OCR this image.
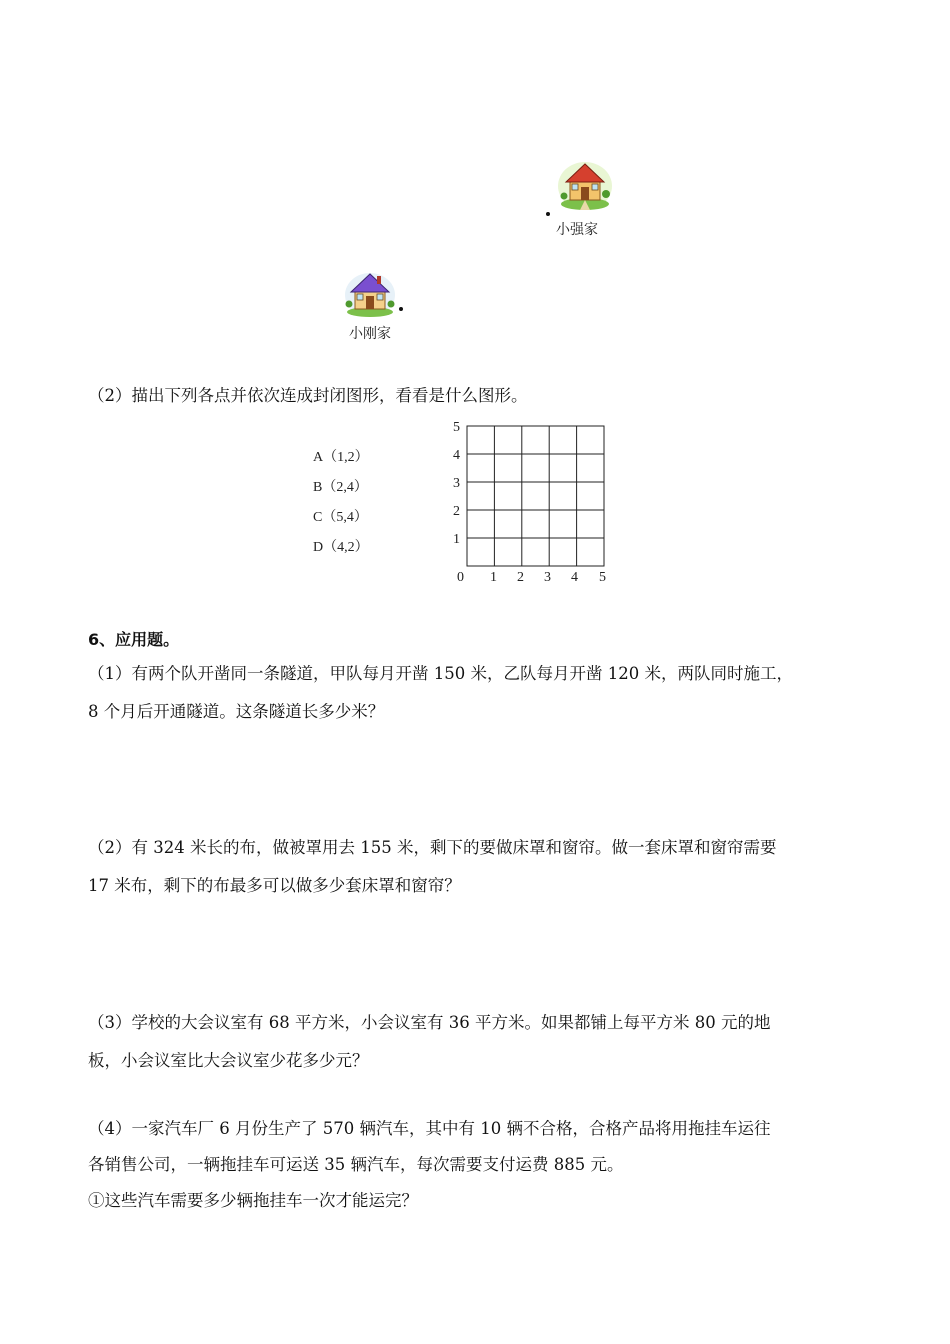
小强家
小刚家
（2）描出下列各点并依次连成封闭图形，看看是什么图形。
A（1,2）
B（2,4）
C（5,4）
D（4,2）
5
4
3
2
1
0 1 2 3 4 5
6、应用题。
（1）有两个队开凿同一条隧道，甲队每月开凿 150 米，乙队每月开凿 120 米，两队同时施工，
8 个月后开通隧道。这条隧道长多少米？
（2）有 324 米长的布，做被罩用去 155 米，剩下的要做床罩和窗帘。做一套床罩和窗帘需要
17 米布，剩下的布最多可以做多少套床罩和窗帘？
（3）学校的大会议室有 68 平方米，小会议室有 36 平方米。如果都铺上每平方米 80 元的地
板，小会议室比大会议室少花多少元？
（4）一家汽车厂 6 月份生产了 570 辆汽车，其中有 10 辆不合格，合格产品将用拖挂车运往
各销售公司，一辆拖挂车可运送 35 辆汽车，每次需要支付运费 885 元。
①这些汽车需要多少辆拖挂车一次才能运完？
